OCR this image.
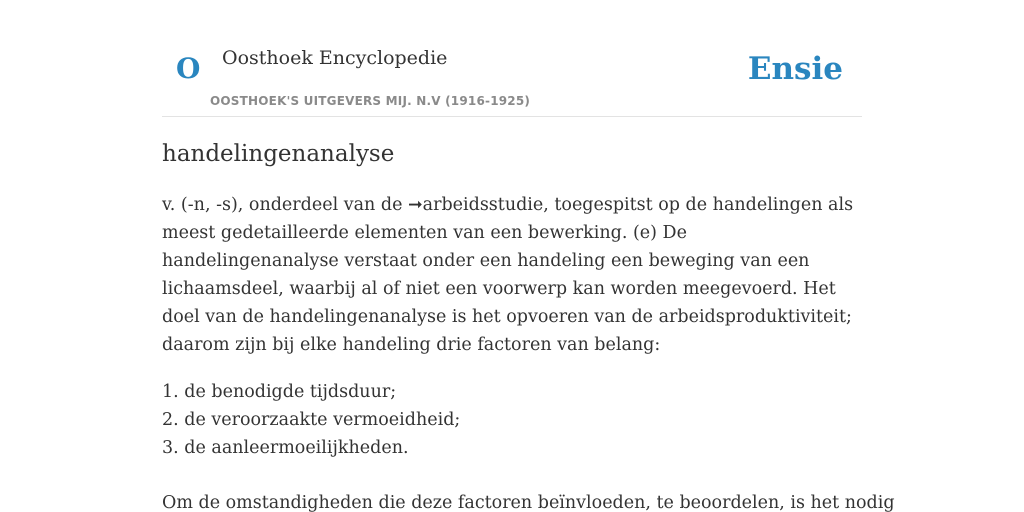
O Oosthoek Encyclopedie
OOSTHOEK'S UITGEVERS MIJ. N.V (1916-1925)
Ensie
handelingenanalyse

v. (-n, -s), onderdeel van de ➞arbeidsstudie, toegespitst op de handelingen als meest gedetailleerde elementen van een bewerking. (e) De handelingenanalyse verstaat onder een handeling een beweging van een lichaamsdeel, waarbij al of niet een voorwerp kan worden meegevoerd. Het doel van de handelingenanalyse is het opvoeren van de arbeidsproduktiviteit; daarom zijn bij elke handeling drie factoren van belang:

1. de benodigde tijdsduur;
2. de veroorzaakte vermoeidheid;
3. de aanleermoeilijkheden.

Om de omstandigheden die deze factoren beïnvloeden, te beoordelen, is het nodig
